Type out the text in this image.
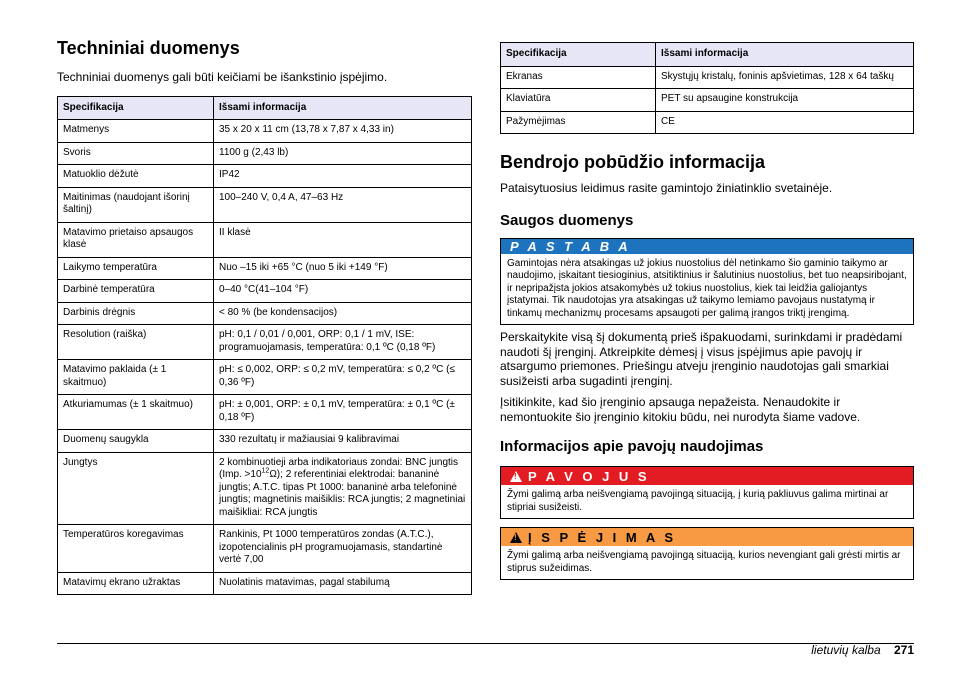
Techniniai duomenys

Techniniai duomenys gali būti keičiami be išankstinio įspėjimo.

Specifikacija	Išsami informacija
Matmenys	35 x 20 x 11 cm (13,78 x 7,87 x 4,33 in)
Svoris	1100 g (2,43 lb)
Matuoklio dėžutė	IP42
Maitinimas (naudojant išorinį šaltinį)	100–240 V, 0,4 A, 47–63 Hz
Matavimo prietaiso apsaugos klasė	II klasė
Laikymo temperatūra	Nuo –15 iki +65 °C (nuo 5 iki +149 °F)
Darbinė temperatūra	0–40 °C(41–104 °F)
Darbinis drėgnis	< 80 % (be kondensacijos)
Resolution (raiška)	pH: 0,1 / 0,01 / 0,001, ORP: 0,1 / 1 mV, ISE: programuojamasis, temperatūra: 0,1 ºC (0,18 ºF)
Matavimo paklaida (± 1 skaitmuo)	pH: ≤ 0,002, ORP: ≤ 0,2 mV, temperatūra: ≤ 0,2 ºC (≤ 0,36 ºF)
Atkuriamumas (± 1 skaitmuo)	pH: ± 0,001, ORP: ± 0,1 mV, temperatūra: ± 0,1 ºC (± 0,18 ºF)
Duomenų saugykla	330 rezultatų ir mažiausiai 9 kalibravimai
Jungtys	2 kombinuotieji arba indikatoriaus zondai: BNC jungtis (Imp. $>10^{12}\Omega$); 2 referentiniai elektrodai: bananinė jungtis; A.T.C. tipas Pt 1000: bananinė arba telefoninė jungtis; magnetinis maišiklis: RCA jungtis; 2 magnetiniai maišikliai: RCA jungtis
Temperatūros koregavimas	Rankinis, Pt 1000 temperatūros zondas (A.T.C.), izopotencialinis pH programuojamasis, standartinė vertė 7,00
Matavimų ekrano užraktas	Nuolatinis matavimas, pagal stabilumą
Specifikacija	Išsami informacija
Ekranas	Skystųjų kristalų, foninis apšvietimas, 128 x 64 taškų
Klaviatūra	PET su apsaugine konstrukcija
Pažymėjimas	CE
Bendrojo pobūdžio informacija

Pataisytuosius leidimus rasite gamintojo žiniatinklio svetainėje.

Saugos duomenys
P A S T A B A
Gamintojas nėra atsakingas už jokius nuostolius dėl netinkamo šio gaminio taikymo ar naudojimo, įskaitant tiesioginius, atsitiktinius ir šalutinius nuostolius, bet tuo neapsiribojant, ir nepripažįsta jokios atsakomybės už tokius nuostolius, kiek tai leidžia galiojantys įstatymai. Tik naudotojas yra atsakingas už taikymo lemiamo pavojaus nustatymą ir tinkamų mechanizmų procesams apsaugoti per galimą įrangos triktį įrengimą.

Perskaitykite visą šį dokumentą prieš išpakuodami, surinkdami ir pradėdami naudoti šį įrenginį. Atkreipkite dėmesį į visus įspėjimus apie pavojų ir atsargumo priemones. Priešingu atveju įrenginio naudotojas gali smarkiai susižeisti arba sugadinti įrenginį.

Įsitikinkite, kad šio įrenginio apsauga nepažeista. Nenaudokite ir nemontuokite šio įrenginio kitokiu būdu, nei nurodyta šiame vadove.

Informacijos apie pavojų naudojimas
!
P A V O J U S
Žymi galimą arba neišvengiamą pavojingą situaciją, į kurią pakliuvus galima mirtinai ar stipriai susižeisti.
!
Į S P Ė J I M A S
Žymi galimą arba neišvengiamą pavojingą situaciją, kurios nevengiant gali grėsti mirtis ar stiprus sužeidimas.
lietuvių kalba 271
